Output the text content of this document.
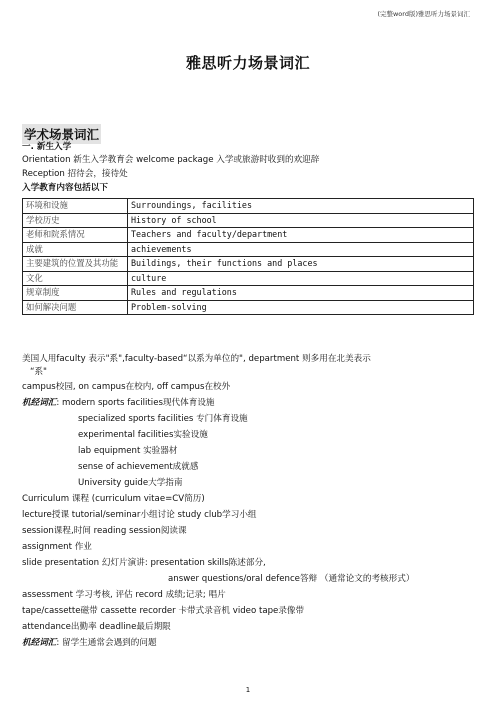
(完整word版)雅思听力场景词汇
雅思听力场景词汇
学术场景词汇
一. 新生入学
Orientation 新生入学教育会 welcome package 入学或旅游时收到的欢迎辞
Reception 招待会，接待处
入学教育内容包括以下
环境和设施	Surroundings, facilities
学校历史	History of school
老师和院系情况	Teachers and faculty/department
成就	achievements
主要建筑的位置及其功能	Buildings, their functions and places
文化	culture
规章制度	Rules and regulations
如何解决问题	Problem-solving
美国人用faculty 表示"系",faculty-based“以系为单位的", department 则多用在北美表示
“系"
campus校园, on campus在校内, off campus在校外
机经词汇: modern sports facilities现代体育设施
specialized sports facilities 专门体育设施
experimental facilities实验设施
lab equipment 实验器材
sense of achievement成就感
University guide大学指南
Curriculum 课程 (curriculum vitae=CV简历)
lecture授课 tutorial/seminar小组讨论 study club学习小组
session课程,时间 reading session阅读课
assignment 作业
slide presentation 幻灯片演讲: presentation skills陈述部分,
answer questions/oral defence答辩 （通常论文的考核形式）
assessment 学习考核, 评估 record 成绩;记录; 唱片
tape/cassette磁带 cassette recorder 卡带式录音机 video tape录像带
attendance出勤率 deadline最后期限
机经词汇: 留学生通常会遇到的问题
1
